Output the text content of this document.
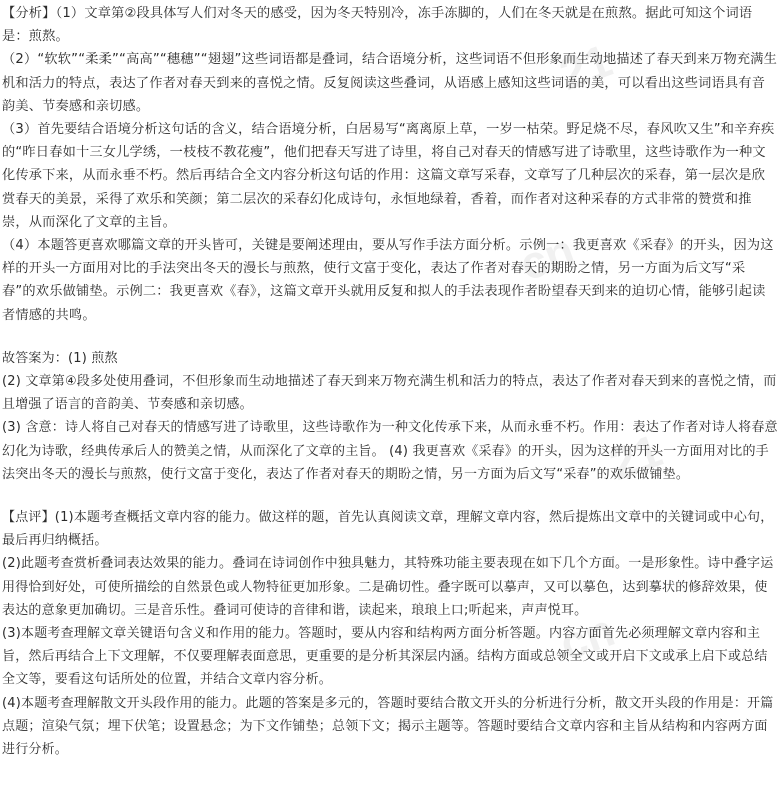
21
cn
21
cn

【分析】（1）文章第②段具体写人们对冬天的感受，因为冬天特别冷，冻手冻脚的，人们在冬天就是在煎熬。据此可知这个词语是：煎熬。

（2）“软软”“柔柔”“高高”“穗穗”“翅翅”这些词语都是叠词，结合语境分析，这些词语不但形象而生动地描述了春天到来万物充满生机和活力的特点，表达了作者对春天到来的喜悦之情。反复阅读这些叠词，从语感上感知这些词语的美，可以看出这些词语具有音韵美、节奏感和亲切感。

（3）首先要结合语境分析这句话的含义，结合语境分析，白居易写“离离原上草，一岁一枯荣。野足烧不尽，春风吹又生”和辛弃疾的“昨日春如十三女儿学绣，一枝枝不教花瘦”，他们把春天写进了诗里，将自己对春天的情感写进了诗歌里，这些诗歌作为一种文化传承下来，从而永垂不朽。然后再结合全文内容分析这句话的作用：这篇文章写采春，文章写了几种层次的采春，第一层次是欣赏春天的美景，采得了欢乐和笑颜；第二层次的采春幻化成诗句，永恒地绿着，香着，而作者对这种采春的方式非常的赞赏和推崇，从而深化了文章的主旨。

（4）本题答更喜欢哪篇文章的开头皆可，关键是要阐述理由，要从写作手法方面分析。示例一：我更喜欢《采春》的开头，因为这样的开头一方面用对比的手法突出冬天的漫长与煎熬，使行文富于变化，表达了作者对春天的期盼之情，另一方面为后文写“采春”的欢乐做铺垫。示例二：我更喜欢《春》，这篇文章开头就用反复和拟人的手法表现作者盼望春天到来的迫切心情，能够引起读者情感的共鸣。

故答案为：(1) 煎熬

(2) 文章第④段多处使用叠词，不但形象而生动地描述了春天到来万物充满生机和活力的特点，表达了作者对春天到来的喜悦之情，而且增强了语言的音韵美、节奏感和亲切感。

(3) 含意：诗人将自己对春天的情感写进了诗歌里，这些诗歌作为一种文化传承下来，从而永垂不朽。作用：表达了作者对诗人将春意幻化为诗歌，经典传承后人的赞美之情，从而深化了文章的主旨。 (4) 我更喜欢《采春》的开头，因为这样的开头一方面用对比的手法突出冬天的漫长与煎熬，使行文富于变化，表达了作者对春天的期盼之情，另一方面为后文写“采春”的欢乐做铺垫。

【点评】(1)本题考查概括文章内容的能力。做这样的题，首先认真阅读文章，理解文章内容，然后提炼出文章中的关键词或中心句，最后再归纳概括。

(2)此题考查赏析叠词表达效果的能力。叠词在诗词创作中独具魅力，其特殊功能主要表现在如下几个方面。一是形象性。诗中叠字运用得恰到好处，可使所描绘的自然景色或人物特征更加形象。二是确切性。叠字既可以摹声，又可以摹色，达到摹状的修辞效果，使表达的意象更加确切。三是音乐性。叠词可使诗的音律和谐，读起来，琅琅上口;听起来，声声悦耳。

(3)本题考查理解文章关键语句含义和作用的能力。答题时，要从内容和结构两方面分析答题。内容方面首先必须理解文章内容和主旨，然后再结合上下文理解，不仅要理解表面意思，更重要的是分析其深层内涵。结构方面或总领全文或开启下文或承上启下或总结全文等，要看这句话所处的位置，并结合文章内容分析。

(4)本题考查理解散文开头段作用的能力。此题的答案是多元的，答题时要结合散文开头的分析进行分析，散文开头段的作用是：开篇点题；渲染气氛；埋下伏笔；设置悬念；为下文作铺垫；总领下文；揭示主题等。答题时要结合文章内容和主旨从结构和内容两方面进行分析。
